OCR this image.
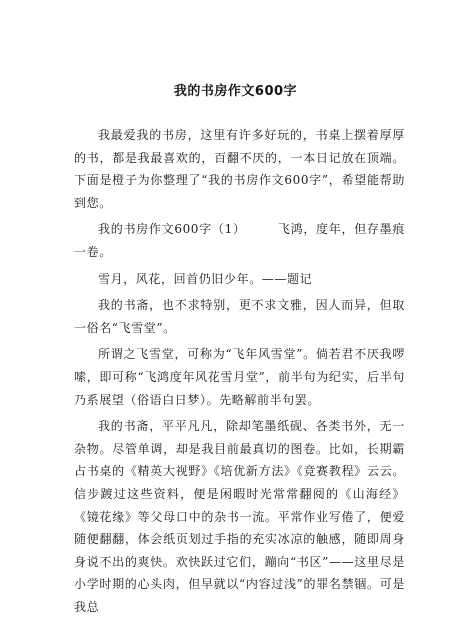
我的书房作文600字

我最爱我的书房，这里有许多好玩的，书桌上摆着厚厚的书，都是我最喜欢的，百翻不厌的，一本日记放在顶端。下面是橙子为你整理了“我的书房作文600字”，希望能帮助到您。

我的书房作文600字（1）　　　飞鸿，度年，但存墨痕一卷。

雪月，风花，回首仍旧少年。——题记

我的书斋，也不求特别，更不求文雅，因人而异，但取一俗名“飞雪堂”。

所谓之飞雪堂，可称为“飞年风雪堂”。倘若君不厌我啰嗦，即可称“飞鸿度年风花雪月堂”，前半句为纪实，后半句乃系展望（俗语白日梦）。先略解前半句罢。

我的书斋，平平凡凡，除却笔墨纸砚、各类书外，无一杂物。尽管单调，却是我目前最真切的图卷。比如，长期霸占书桌的《精英大视野》《培优新方法》《竞赛教程》云云。信步踱过这些资料，便是闲暇时光常常翻阅的《山海经》《镜花缘》等父母口中的杂书一流。平常作业写倦了，便爱随便翻翻，体会纸页划过手指的充实冰凉的触感，随即周身身说不出的爽快。欢快跃过它们，蹦向“书区”——这里尽是小学时期的心头肉，但早就以“内容过浅”的罪名禁锢。可是我总
